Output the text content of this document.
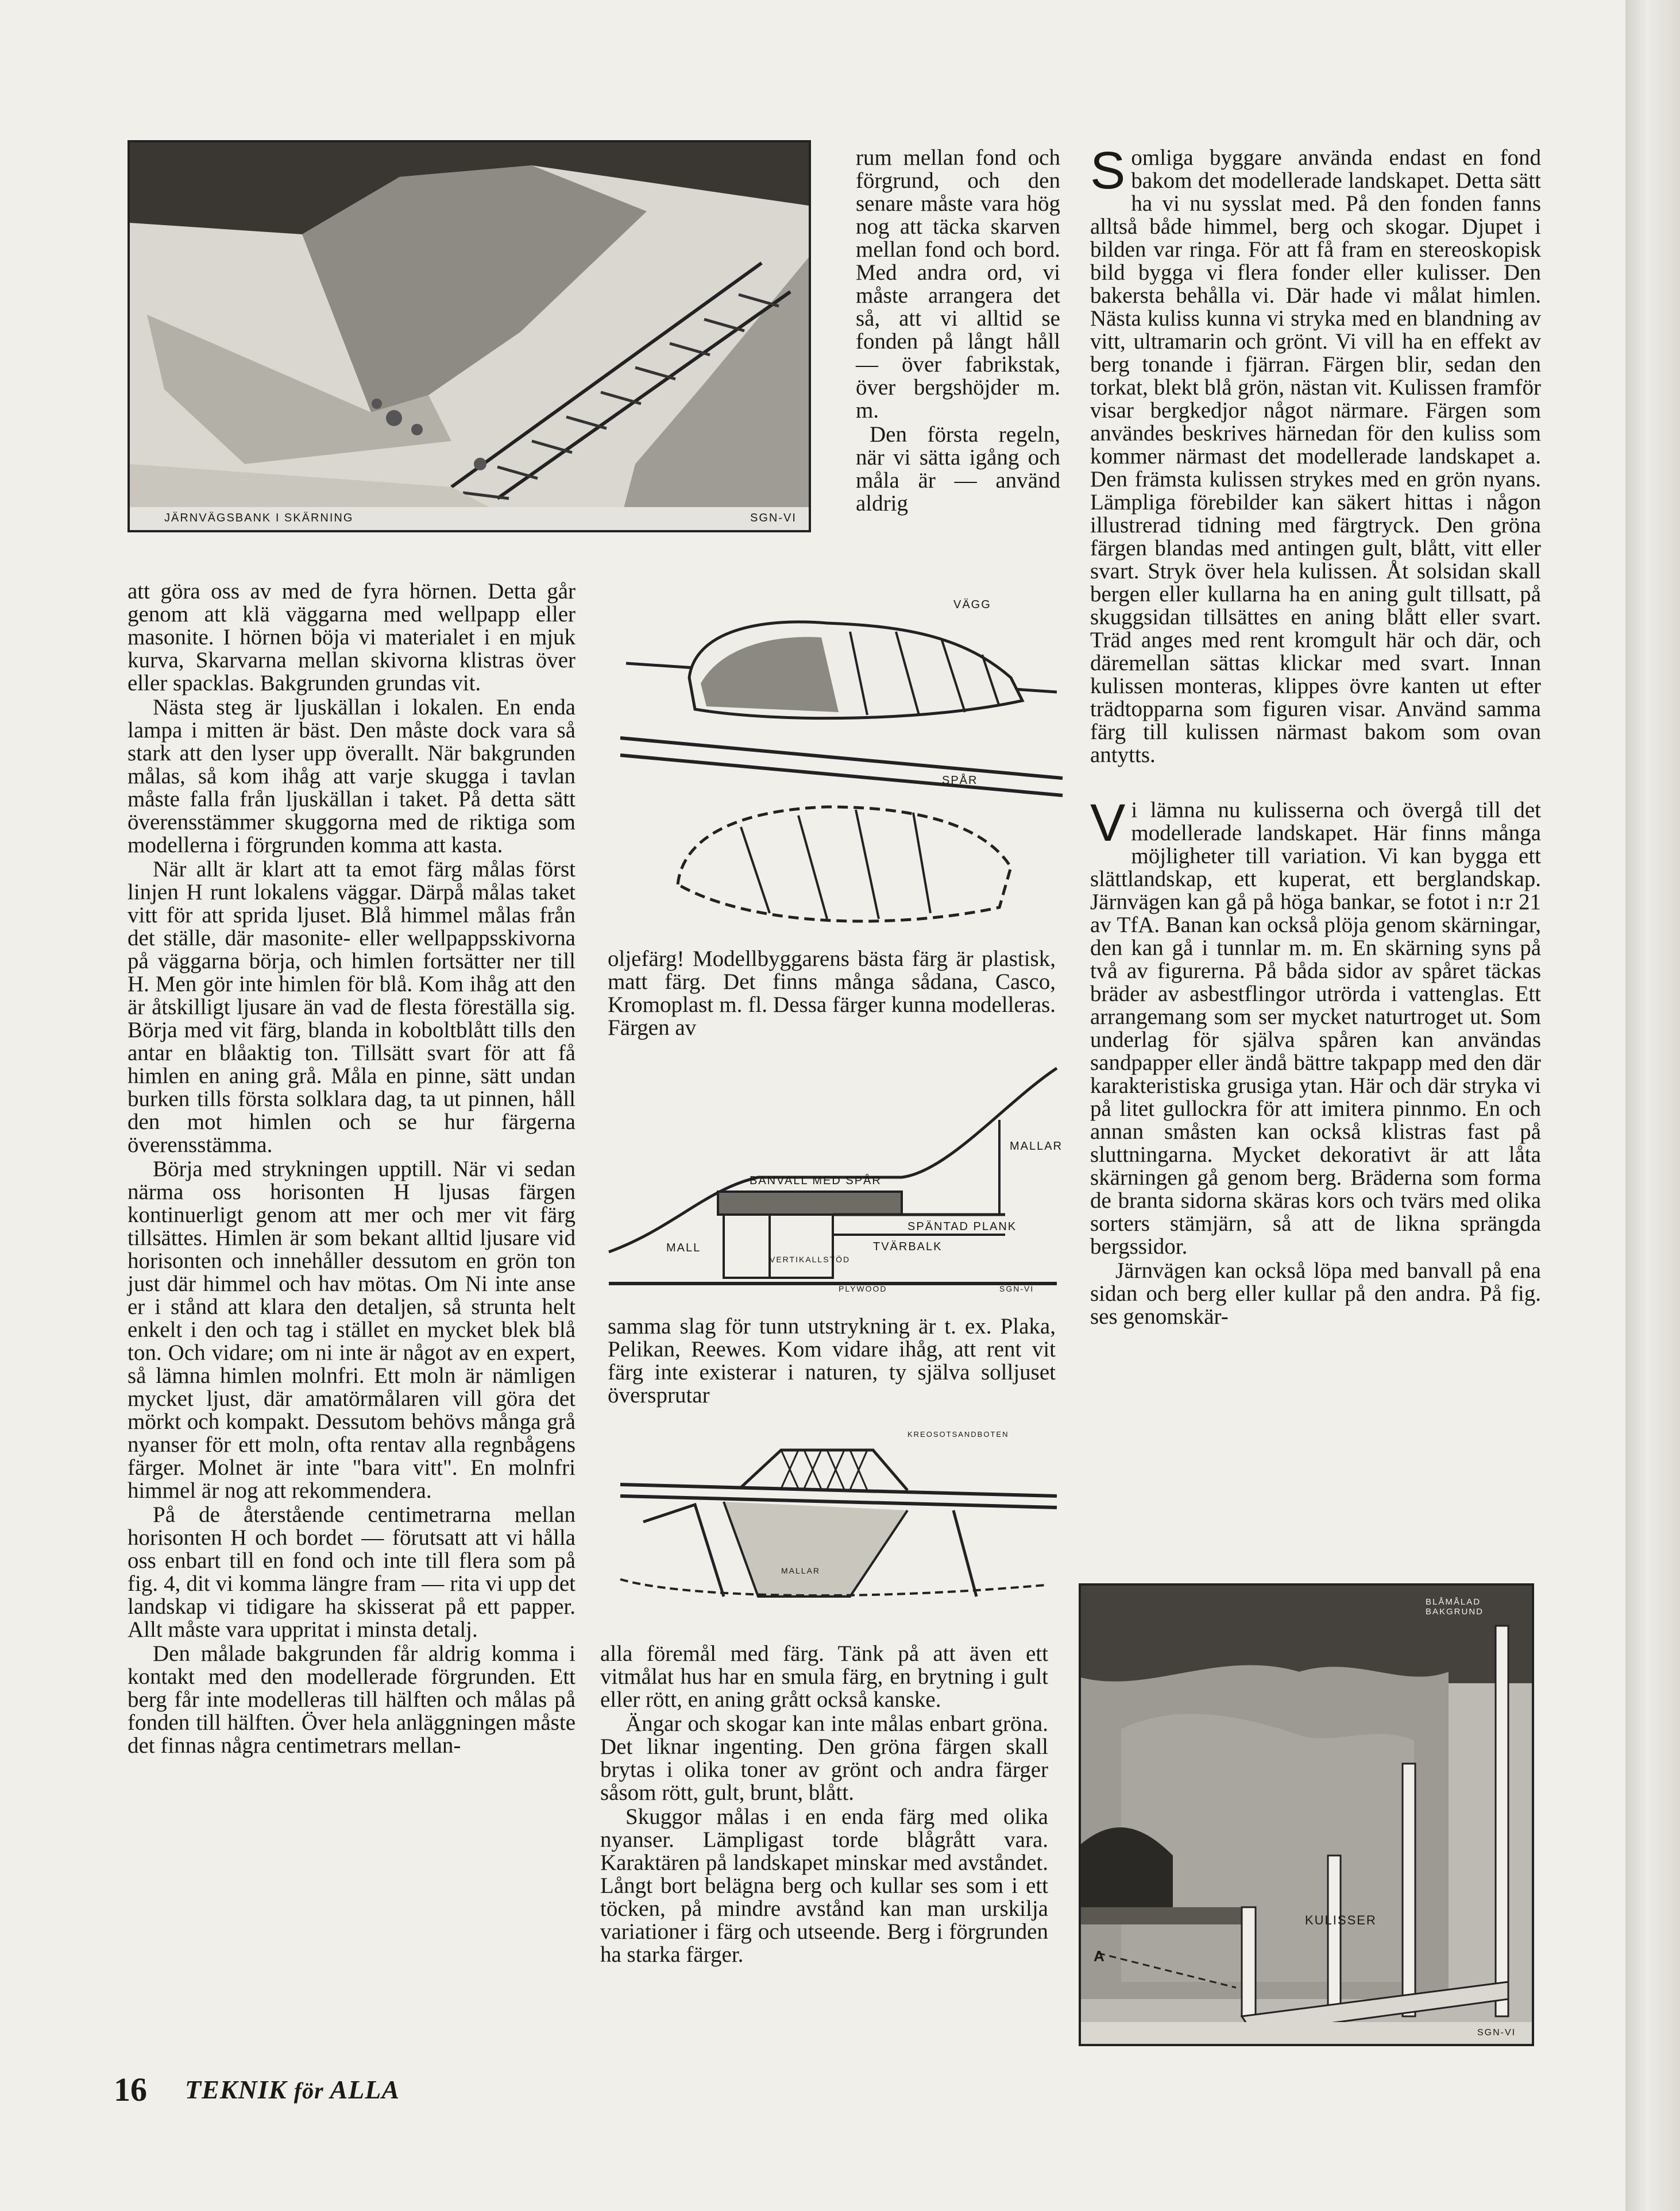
JÄRNVÄGSBANK I SKÄRNING	SGN-VI

rum mellan fond och förgrund, och den senare måste vara hög nog att täcka skarven mellan fond och bord. Med andra ord, vi måste arrangera det så, att vi alltid se fonden på långt håll — över fabrikstak, över bergshöjder m. m.

Den första regeln, när vi sätta igång och måla är — använd aldrig

att göra oss av med de fyra hörnen. Detta går genom att klä väggarna med wellpapp eller masonite. I hörnen böja vi materialet i en mjuk kurva, Skarvarna mellan skivorna klistras över eller spacklas. Bakgrunden grundas vit.

Nästa steg är ljuskällan i lokalen. En enda lampa i mitten är bäst. Den måste dock vara så stark att den lyser upp överallt. När bakgrunden målas, så kom ihåg att varje skugga i tavlan måste falla från ljuskällan i taket. På detta sätt överensstämmer skuggorna med de riktiga som modellerna i förgrunden komma att kasta.

När allt är klart att ta emot färg målas först linjen H runt lokalens väggar. Därpå målas taket vitt för att sprida ljuset. Blå himmel målas från det ställe, där masonite- eller wellpappsskivorna på väggarna börja, och himlen fortsätter ner till H. Men gör inte himlen för blå. Kom ihåg att den är åtskilligt ljusare än vad de flesta föreställa sig. Börja med vit färg, blanda in koboltblått tills den antar en blåaktig ton. Tillsätt svart för att få himlen en aning grå. Måla en pinne, sätt undan burken tills första solklara dag, ta ut pinnen, håll den mot himlen och se hur färgerna överensstämma.

Börja med strykningen upptill. När vi sedan närma oss horisonten H ljusas färgen kontinuerligt genom att mer och mer vit färg tillsättes. Himlen är som bekant alltid ljusare vid horisonten och innehåller dessutom en grön ton just där himmel och hav mötas. Om Ni inte anse er i stånd att klara den detaljen, så strunta helt enkelt i den och tag i stället en mycket blek blå ton. Och vidare; om ni inte är något av en expert, så lämna himlen molnfri. Ett moln är nämligen mycket ljust, där amatörmålaren vill göra det mörkt och kompakt. Dessutom behövs många grå nyanser för ett moln, ofta rentav alla regnbågens färger. Molnet är inte "bara vitt". En molnfri himmel är nog att rekommendera.

På de återstående centimetrarna mellan horisonten H och bordet — förutsatt att vi hålla oss enbart till en fond och inte till flera som på fig. 4, dit vi komma längre fram — rita vi upp det landskap vi tidigare ha skisserat på ett papper. Allt måste vara uppritat i minsta detalj.

Den målade bakgrunden får aldrig komma i kontakt med den modellerade förgrunden. Ett berg får inte modelleras till hälften och målas på fonden till hälften. Över hela anläggningen måste det finnas några centimetrars mellan-

VÄGG
SPÅR

oljefärg! Modellbyggarens bästa färg är plastisk, matt färg. Det finns många sådana, Casco, Kromoplast m. fl. Dessa färger kunna modelleras. Färgen av

MALLAR
BANVALL MED SPÅR
SPÄNTAD PLANK
TVÄRBALK
VERTIKALLSTÖD
MALL
PLYWOOD	SGN-VI

samma slag för tunn utstrykning är t. ex. Plaka, Pelikan, Reewes. Kom vidare ihåg, att rent vit färg inte existerar i naturen, ty själva solljuset översprutar

KREOSOTSANDBOTEN
MALLAR

alla föremål med färg. Tänk på att även ett vitmålat hus har en smula färg, en brytning i gult eller rött, en aning grått också kanske.

Ängar och skogar kan inte målas enbart gröna. Det liknar ingenting. Den gröna färgen skall brytas i olika toner av grönt och andra färger såsom rött, gult, brunt, blått.

Skuggor målas i en enda färg med olika nyanser. Lämpligast torde blågrått vara. Karaktären på landskapet minskar med avståndet. Långt bort belägna berg och kullar ses som i ett töcken, på mindre avstånd kan man urskilja variationer i färg och utseende. Berg i förgrunden ha starka färger.

Somliga byggare använda endast en fond bakom det modellerade landskapet. Detta sätt ha vi nu sysslat med. På den fonden fanns alltså både himmel, berg och skogar. Djupet i bilden var ringa. För att få fram en stereoskopisk bild bygga vi flera fonder eller kulisser. Den bakersta behålla vi. Där hade vi målat himlen. Nästa kuliss kunna vi stryka med en blandning av vitt, ultramarin och grönt. Vi vill ha en effekt av berg tonande i fjärran. Färgen blir, sedan den torkat, blekt blå grön, nästan vit. Kulissen framför visar bergkedjor något närmare. Färgen som användes beskrives härnedan för den kuliss som kommer närmast det modellerade landskapet a. Den främsta kulissen strykes med en grön nyans. Lämpliga förebilder kan säkert hittas i någon illustrerad tidning med färgtryck. Den gröna färgen blandas med antingen gult, blått, vitt eller svart. Stryk över hela kulissen. Åt solsidan skall bergen eller kullarna ha en aning gult tillsatt, på skuggsidan tillsättes en aning blått eller svart. Träd anges med rent kromgult här och där, och däremellan sättas klickar med svart. Innan kulissen monteras, klippes övre kanten ut efter trädtopparna som figuren visar. Använd samma färg till kulissen närmast bakom som ovan antytts.

Vi lämna nu kulisserna och övergå till det modellerade landskapet. Här finns många möjligheter till variation. Vi kan bygga ett slättlandskap, ett kuperat, ett berglandskap. Järnvägen kan gå på höga bankar, se fotot i n:r 21 av TfA. Banan kan också plöja genom skärningar, den kan gå i tunnlar m. m. En skärning syns på två av figurerna. På båda sidor av spåret täckas bräder av asbestflingor utrörda i vattenglas. Ett arrangemang som ser mycket naturtroget ut. Som underlag för själva spåren kan användas sandpapper eller ändå bättre takpapp med den där karakteristiska grusiga ytan. Här och där stryka vi på litet gullockra för att imitera pinnmo. En och annan småsten kan också klistras fast på sluttningarna. Mycket dekorativt är att låta skärningen gå genom berg. Bräderna som forma de branta sidorna skäras kors och tvärs med olika sorters stämjärn, så att de likna sprängda bergssidor.

Järnvägen kan också löpa med banvall på ena sidan och berg eller kullar på den andra. På fig. ses genomskär-

BLÅMÅLAD BAKGRUND
KULISSER
A
SGN-VI
16 TEKNIK för ALLA
